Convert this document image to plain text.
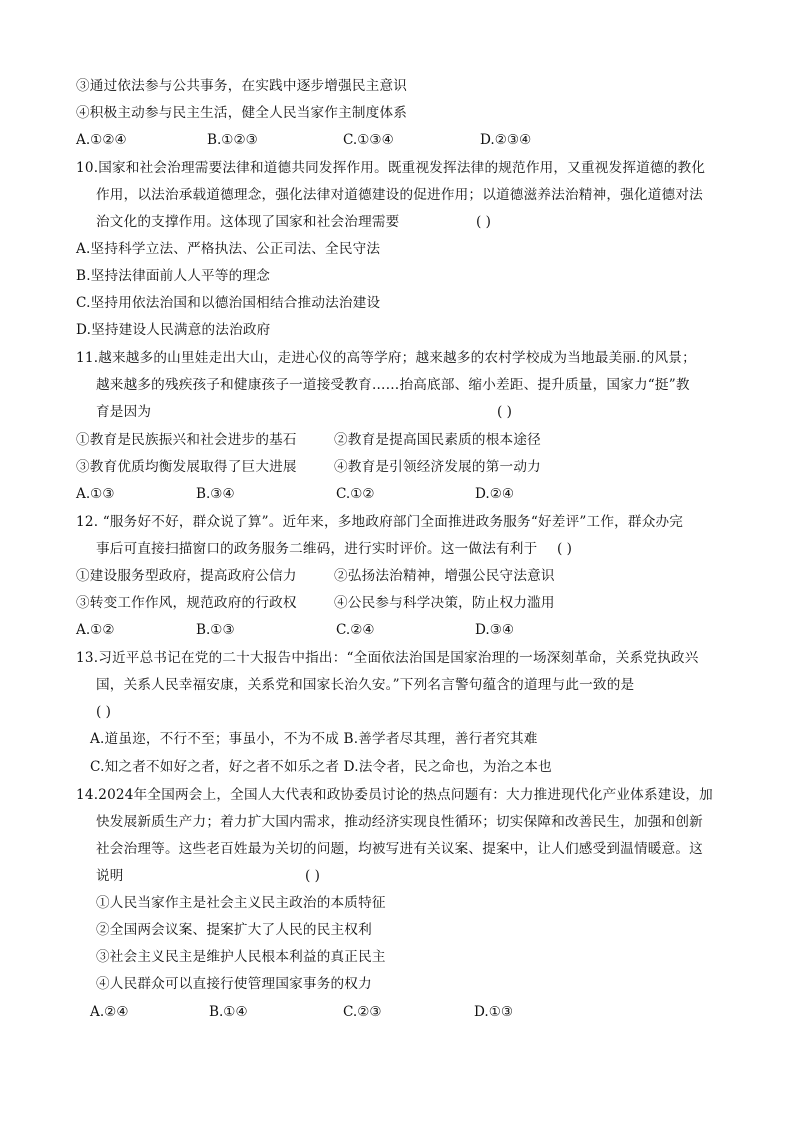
③通过依法参与公共事务，在实践中逐步增强民主意识
④积极主动参与民主生活，健全人民当家作主制度体系
A.①②④	B.①②③	C.①③④	D.②③④
10.国家和社会治理需要法律和道德共同发挥作用。既重视发挥法律的规范作用，又重视发挥道德的教化
作用，以法治承载道德理念，强化法律对道德建设的促进作用；以道德滋养法治精神，强化道德对法
治文化的支撑作用。这体现了国家和社会治理需要	( )
A.坚持科学立法、严格执法、公正司法、全民守法
B.坚持法律面前人人平等的理念
C.坚持用依法治国和以德治国相结合推动法治建设
D.坚持建设人民满意的法治政府
11.越来越多的山里娃走出大山，走进心仪的高等学府；越来越多的农村学校成为当地最美丽.的风景；
越来越多的残疾孩子和健康孩子一道接受教育……抬高底部、缩小差距、提升质量，国家力“挺”教
育是因为	( )
①教育是民族振兴和社会进步的基石	②教育是提高国民素质的根本途径
③教育优质均衡发展取得了巨大进展	④教育是引领经济发展的第一动力
A.①③	B.③④	C.①②	D.②④
12. “服务好不好，群众说了算”。近年来，多地政府部门全面推进政务服务“好差评”工作，群众办完
事后可直接扫描窗口的政务服务二维码，进行实时评价。这一做法有利于 ( )
①建设服务型政府，提高政府公信力	②弘扬法治精神，增强公民守法意识
③转变工作作风，规范政府的行政权	④公民参与科学决策，防止权力滥用
A.①②	B.①③	C.②④	D.③④
13.习近平总书记在党的二十大报告中指出：“全面依法治国是国家治理的一场深刻革命，关系党执政兴
国，关系人民幸福安康，关系党和国家长治久安。”下列名言警句蕴含的道理与此一致的是
( )
A.道虽迩，不行不至；事虽小，不为不成 B.善学者尽其理，善行者究其难
C.知之者不如好之者，好之者不如乐之者 D.法令者，民之命也，为治之本也
14.2024年全国两会上，全国人大代表和政协委员讨论的热点问题有：大力推进现代化产业体系建设，加
快发展新质生产力；着力扩大国内需求，推动经济实现良性循环；切实保障和改善民生，加强和创新
社会治理等。这些老百姓最为关切的问题，均被写进有关议案、提案中，让人们感受到温情暖意。这
说明	( )
①人民当家作主是社会主义民主政治的本质特征
②全国两会议案、提案扩大了人民的民主权利
③社会主义民主是维护人民根本利益的真正民主
④人民群众可以直接行使管理国家事务的权力
A.②④	B.①④	C.②③	D.①③
